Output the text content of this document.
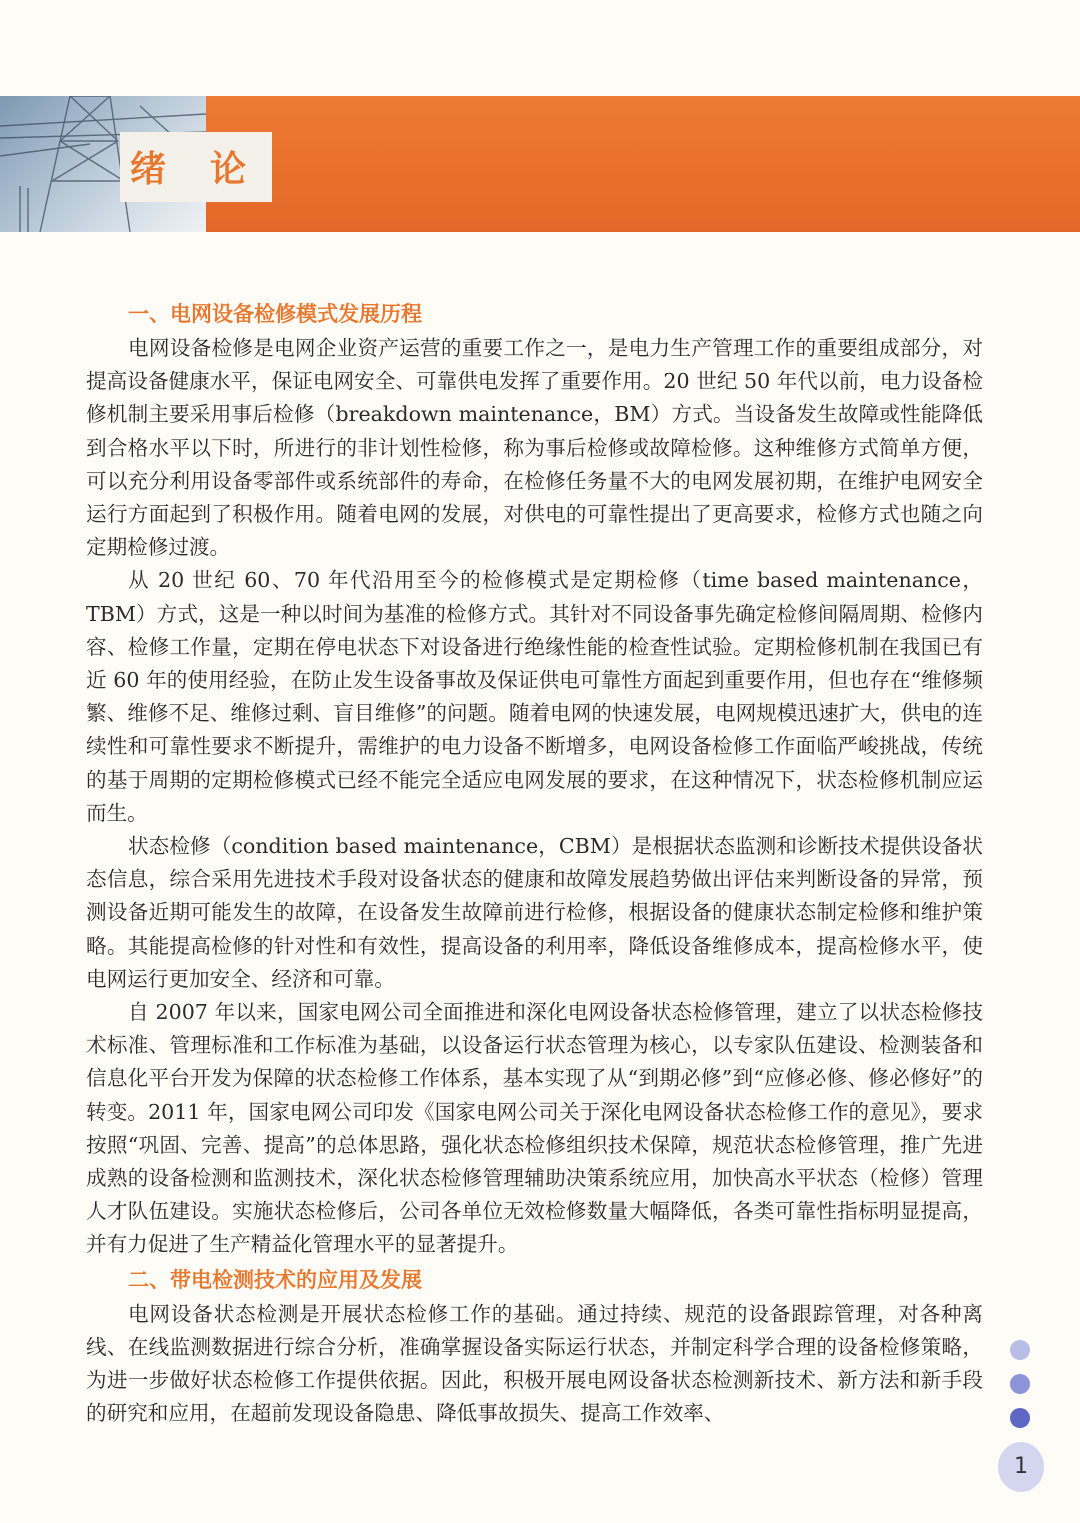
绪论
一、电网设备检修模式发展历程

电网设备检修是电网企业资产运营的重要工作之一，是电力生产管理工作的重要组成部分，对提高设备健康水平，保证电网安全、可靠供电发挥了重要作用。20 世纪 50 年代以前，电力设备检修机制主要采用事后检修（breakdown maintenance，BM）方式。当设备发生故障或性能降低到合格水平以下时，所进行的非计划性检修，称为事后检修或故障检修。这种维修方式简单方便，可以充分利用设备零部件或系统部件的寿命，在检修任务量不大的电网发展初期，在维护电网安全运行方面起到了积极作用。随着电网的发展，对供电的可靠性提出了更高要求，检修方式也随之向定期检修过渡。

从 20 世纪 60、70 年代沿用至今的检修模式是定期检修（time based maintenance，TBM）方式，这是一种以时间为基准的检修方式。其针对不同设备事先确定检修间隔周期、检修内容、检修工作量，定期在停电状态下对设备进行绝缘性能的检查性试验。定期检修机制在我国已有近 60 年的使用经验，在防止发生设备事故及保证供电可靠性方面起到重要作用，但也存在“维修频繁、维修不足、维修过剩、盲目维修”的问题。随着电网的快速发展，电网规模迅速扩大，供电的连续性和可靠性要求不断提升，需维护的电力设备不断增多，电网设备检修工作面临严峻挑战，传统的基于周期的定期检修模式已经不能完全适应电网发展的要求，在这种情况下，状态检修机制应运而生。

状态检修（condition based maintenance，CBM）是根据状态监测和诊断技术提供设备状态信息，综合采用先进技术手段对设备状态的健康和故障发展趋势做出评估来判断设备的异常，预测设备近期可能发生的故障，在设备发生故障前进行检修，根据设备的健康状态制定检修和维护策略。其能提高检修的针对性和有效性，提高设备的利用率，降低设备维修成本，提高检修水平，使电网运行更加安全、经济和可靠。

自 2007 年以来，国家电网公司全面推进和深化电网设备状态检修管理，建立了以状态检修技术标准、管理标准和工作标准为基础，以设备运行状态管理为核心，以专家队伍建设、检测装备和信息化平台开发为保障的状态检修工作体系，基本实现了从“到期必修”到“应修必修、修必修好”的转变。2011 年，国家电网公司印发《国家电网公司关于深化电网设备状态检修工作的意见》，要求按照“巩固、完善、提高”的总体思路，强化状态检修组织技术保障，规范状态检修管理，推广先进成熟的设备检测和监测技术，深化状态检修管理辅助决策系统应用，加快高水平状态（检修）管理人才队伍建设。实施状态检修后，公司各单位无效检修数量大幅降低，各类可靠性指标明显提高，并有力促进了生产精益化管理水平的显著提升。

二、带电检测技术的应用及发展

电网设备状态检测是开展状态检修工作的基础。通过持续、规范的设备跟踪管理，对各种离线、在线监测数据进行综合分析，准确掌握设备实际运行状态，并制定科学合理的设备检修策略，为进一步做好状态检修工作提供依据。因此，积极开展电网设备状态检测新技术、新方法和新手段的研究和应用，在超前发现设备隐患、降低事故损失、提高工作效率、

1
